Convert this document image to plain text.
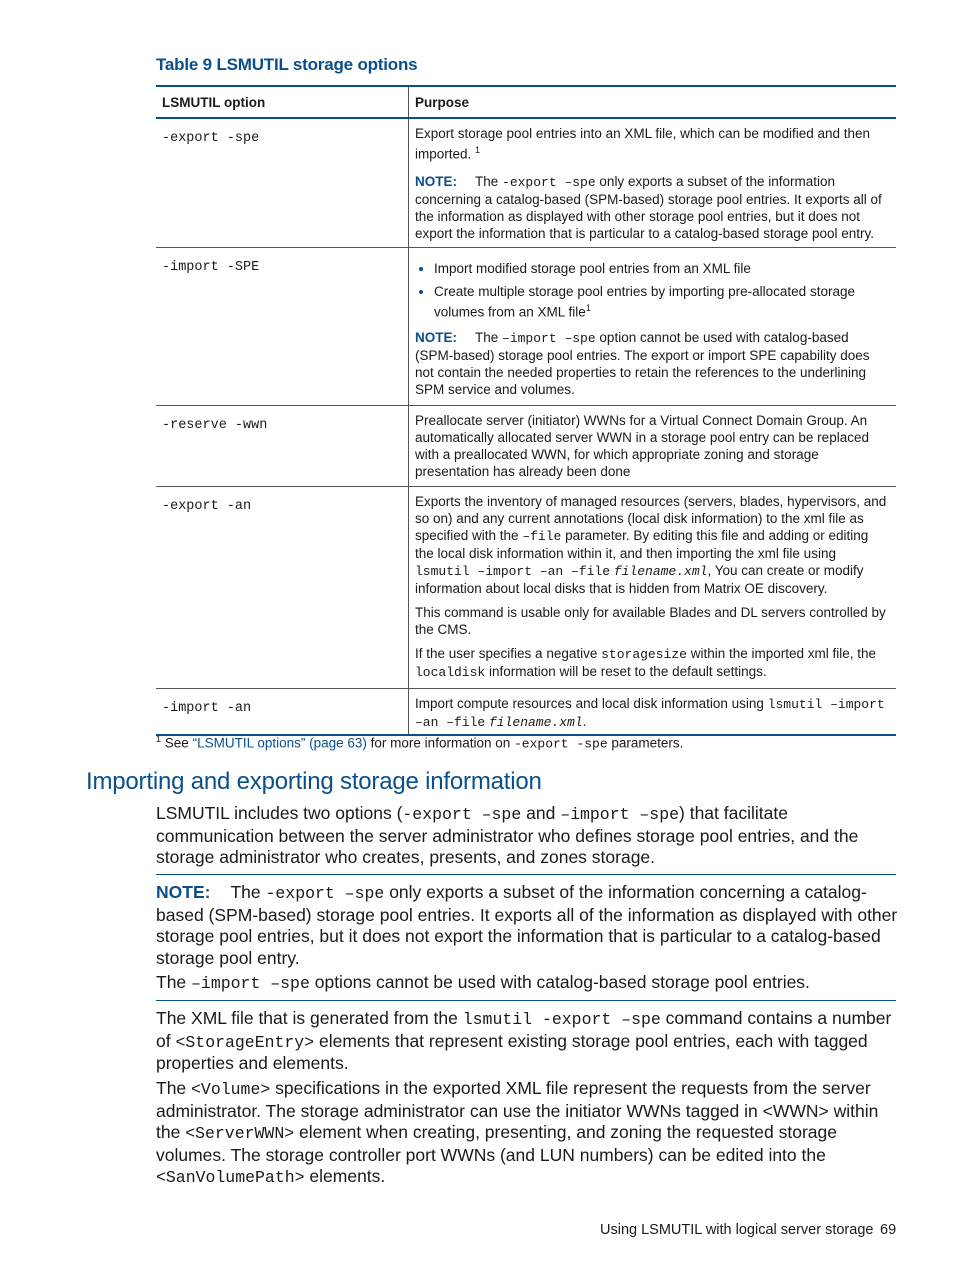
Table 9 LSMUTIL storage options
LSMUTIL option	Purpose
-export -spe	Export storage pool entries into an XML file, which can be modified and then imported. $^1$

NOTE: The -export –spe only exports a subset of the information concerning a catalog-based (SPM-based) storage pool entries. It exports all of the information as displayed with other storage pool entries, but it does not export the information that is particular to a catalog-based storage pool entry.

-import -SPE
•	Import modified storage pool entries from an XML file
• Create multiple storage pool entries by importing pre-allocated storage volumes from an XML file$^1$

NOTE: The –import –spe option cannot be used with catalog-based (SPM-based) storage pool entries. The export or import SPE capability does not contain the needed properties to retain the references to the underlining SPM service and volumes.

-reserve -wwn	Preallocate server (initiator) WWNs for a Virtual Connect Domain Group. An automatically allocated server WWN in a storage pool entry can be replaced with a preallocated WWN, for which appropriate zoning and storage presentation has already been done

-export -an	Exports the inventory of managed resources (servers, blades, hypervisors, and so on) and any current annotations (local disk information) to the xml file as specified with the –file parameter. By editing this file and adding or editing the local disk information within it, and then importing the xml file using lsmutil –import –an –file filename.xml, You can create or modify information about local disks that is hidden from Matrix OE discovery.

This command is usable only for available Blades and DL servers controlled by the CMS.

If the user specifies a negative storagesize within the imported xml file, the localdisk information will be reset to the default settings.

-import -an	Import compute resources and local disk information using lsmutil –import –an –file filename.xml.

$^1$ See “LSMUTIL options” (page 63) for more information on -export -spe parameters.
Importing and exporting storage information
LSMUTIL includes two options (-export –spe and –import –spe) that facilitate communication between the server administrator who defines storage pool entries, and the storage administrator who creates, presents, and zones storage.
NOTE: The -export –spe only exports a subset of the information concerning a catalog-based (SPM-based) storage pool entries. It exports all of the information as displayed with other storage pool entries, but it does not export the information that is particular to a catalog-based storage pool entry.
The –import –spe options cannot be used with catalog-based storage pool entries.
The XML file that is generated from the lsmutil -export –spe command contains a number of <StorageEntry> elements that represent existing storage pool entries, each with tagged properties and elements.
The <Volume> specifications in the exported XML file represent the requests from the server administrator. The storage administrator can use the initiator WWNs tagged in <WWN> within the <ServerWWN> element when creating, presenting, and zoning the requested storage volumes. The storage controller port WWNs (and LUN numbers) can be edited into the <SanVolumePath> elements.
Using LSMUTIL with logical server storage 69
